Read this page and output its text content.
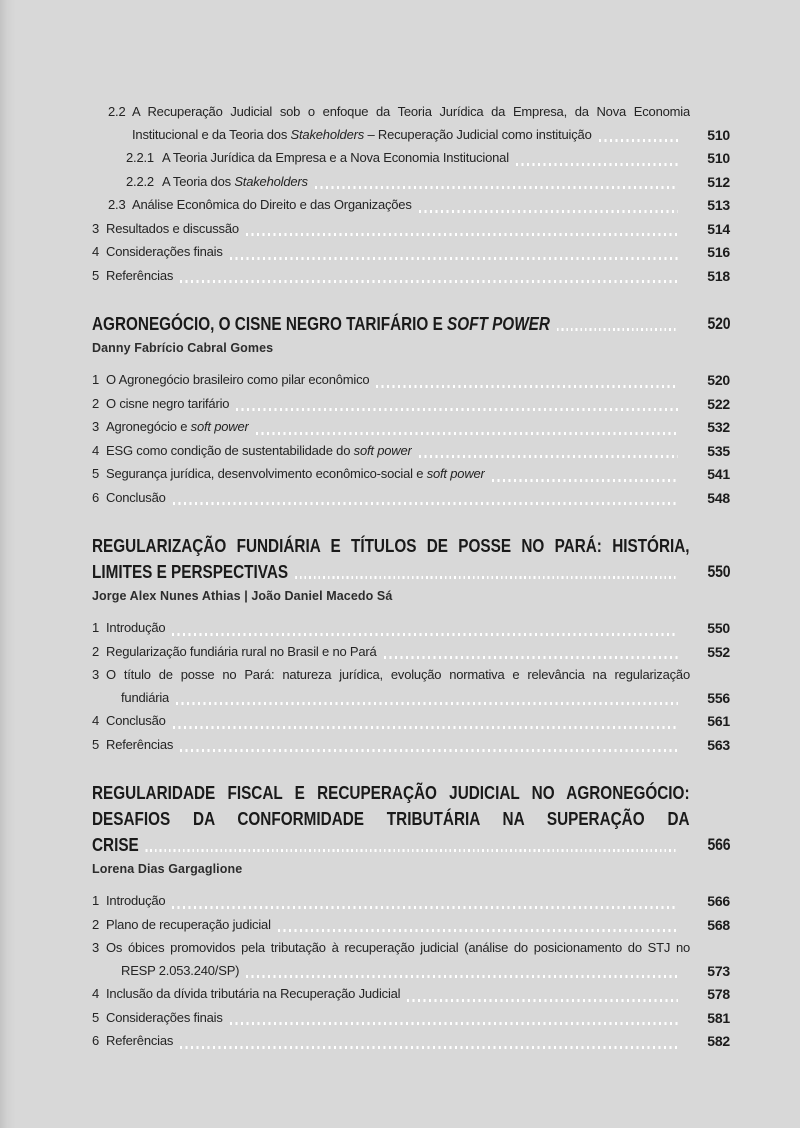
2.2 A Recuperação Judicial sob o enfoque da Teoria Jurídica da Empresa, da Nova Economia
Institucional e da Teoria dos Stakeholders – Recuperação Judicial como instituição	510
2.2.1 A Teoria Jurídica da Empresa e a Nova Economia Institucional	510
2.2.2 A Teoria dos Stakeholders	512
2.3 Análise Econômica do Direito e das Organizações	513
3 Resultados e discussão	514
4 Considerações finais	516
5 Referências	518
AGRONEGÓCIO, O CISNE NEGRO TARIFÁRIO E SOFT POWER	520
Danny Fabrício Cabral Gomes
1 O Agronegócio brasileiro como pilar econômico	520
2 O cisne negro tarifário	522
3 Agronegócio e soft power	532
4 ESG como condição de sustentabilidade do soft power	535
5 Segurança jurídica, desenvolvimento econômico-social e soft power	541
6 Conclusão	548
REGULARIZAÇÃO FUNDIÁRIA E TÍTULOS DE POSSE NO PARÁ: HISTÓRIA,
LIMITES E PERSPECTIVAS	550
Jorge Alex Nunes Athias | João Daniel Macedo Sá
1 Introdução	550
2 Regularização fundiária rural no Brasil e no Pará	552
3 O título de posse no Pará: natureza jurídica, evolução normativa e relevância na regularização
fundiária	556
4 Conclusão	561
5 Referências	563
REGULARIDADE FISCAL E RECUPERAÇÃO JUDICIAL NO AGRONEGÓCIO:
DESAFIOS DA CONFORMIDADE TRIBUTÁRIA NA SUPERAÇÃO DA
CRISE	566
Lorena Dias Gargaglione
1 Introdução	566
2 Plano de recuperação judicial	568
3 Os óbices promovidos pela tributação à recuperação judicial (análise do posicionamento do STJ no
RESP 2.053.240/SP)	573
4 Inclusão da dívida tributária na Recuperação Judicial	578
5 Considerações finais	581
6 Referências	582
